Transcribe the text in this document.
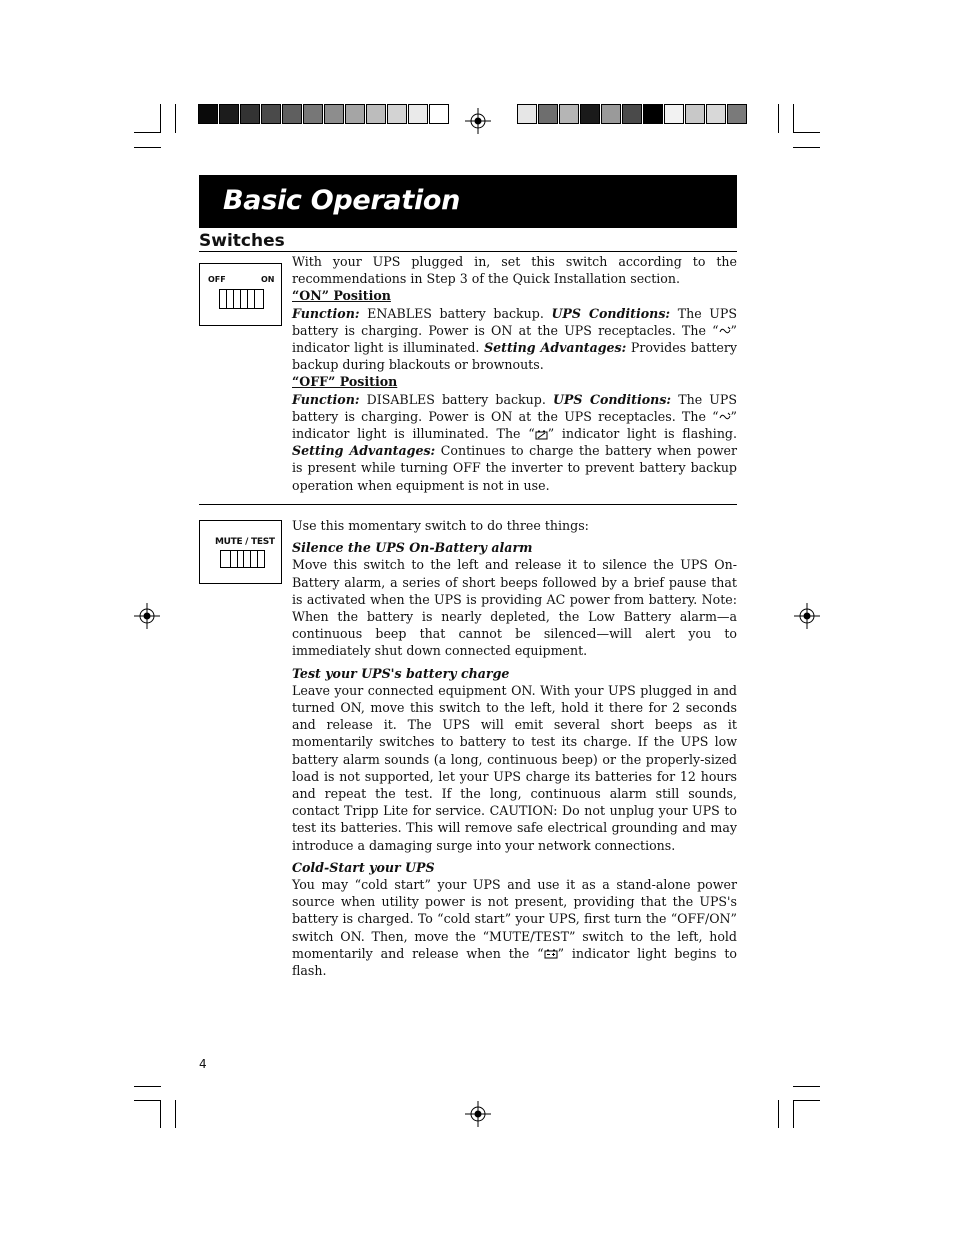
Basic Operation
Switches
OFF	ON

With your UPS plugged in, set this switch according to the recommendations in Step 3 of the Quick Installation section.

“ON” Position

Function: ENABLES battery backup. UPS Conditions: The UPS battery is charging. Power is ON at the UPS receptacles. The “ ” indicator light is illuminated. Setting Advantages: Provides battery backup during blackouts or brownouts.

“OFF” Position

Function: DISABLES battery backup. UPS Conditions: The UPS battery is charging. Power is ON at the UPS receptacles. The “ ” indicator light is illuminated. The “ ” indicator light is flashing. Setting Advantages: Continues to charge the battery when power is present while turning OFF the inverter to prevent battery backup operation when equipment is not in use.

MUTE / TEST

Use this momentary switch to do three things:

Silence the UPS On-Battery alarm

Move this switch to the left and release it to silence the UPS On-Battery alarm, a series of short beeps followed by a brief pause that is activated when the UPS is providing AC power from battery. Note: When the battery is nearly depleted, the Low Battery alarm—a continuous beep that cannot be silenced—will alert you to immediately shut down connected equipment.

Test your UPS's battery charge

Leave your connected equipment ON. With your UPS plugged in and turned ON, move this switch to the left, hold it there for 2 seconds and release it. The UPS will emit several short beeps as it momentarily switches to battery to test its charge. If the UPS low battery alarm sounds (a long, continuous beep) or the properly-sized load is not supported, let your UPS charge its batteries for 12 hours and repeat the test. If the long, continuous alarm still sounds, contact Tripp Lite for service. CAUTION: Do not unplug your UPS to test its batteries. This will remove safe electrical grounding and may introduce a damaging surge into your network connections.

Cold-Start your UPS

You may “cold start” your UPS and use it as a stand-alone power source when utility power is not present, providing that the UPS's battery is charged. To “cold start” your UPS, first turn the “OFF/ON” switch ON. Then, move the “MUTE/TEST” switch to the left, hold momentarily and release when the “ ” indicator light begins to flash.

4
